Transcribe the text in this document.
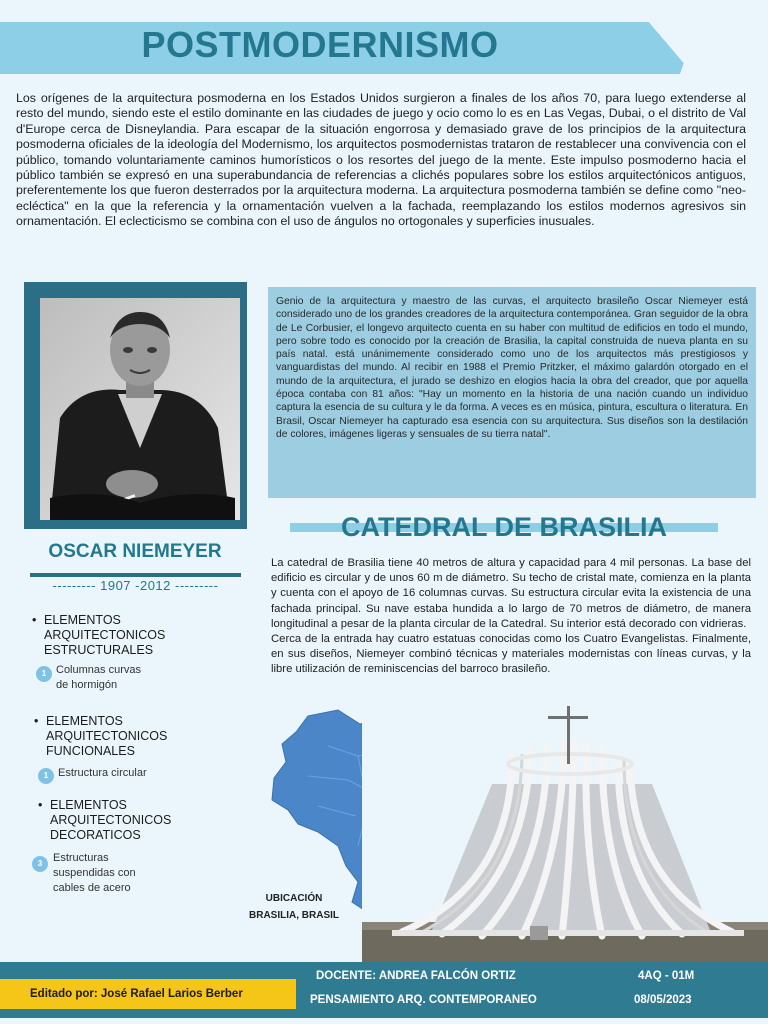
POSTMODERNISMO

Los orígenes de la arquitectura posmoderna en los Estados Unidos surgieron a finales de los años 70, para luego extenderse al resto del mundo, siendo este el estilo dominante en las ciudades de juego y ocio como lo es en Las Vegas, Dubai, o el distrito de Val d'Europe cerca de Disneylandia. Para escapar de la situación engorrosa y demasiado grave de los principios de la arquitectura posmoderna oficiales de la ideología del Modernismo, los arquitectos posmodernistas trataron de restablecer una convivencia con el público, tomando voluntariamente caminos humorísticos o los resortes del juego de la mente. Este impulso posmoderno hacia el público también se expresó en una superabundancia de referencias a clichés populares sobre los estilos arquitectónicos antiguos, preferentemente los que fueron desterrados por la arquitectura moderna. La arquitectura posmoderna también se define como "neo-ecléctica" en la que la referencia y la ornamentación vuelven a la fachada, reemplazando los estilos modernos agresivos sin ornamentación. El eclecticismo se combina con el uso de ángulos no ortogonales y superficies inusuales.

Genio de la arquitectura y maestro de las curvas, el arquitecto brasileño Oscar Niemeyer está considerado uno de los grandes creadores de la arquitectura contemporánea. Gran seguidor de la obra de Le Corbusier, el longevo arquitecto cuenta en su haber con multitud de edificios en todo el mundo, pero sobre todo es conocido por la creación de Brasilia, la capital construida de nueva planta en su país natal. está unánimemente considerado como uno de los arquitectos más prestigiosos y vanguardistas del mundo. Al recibir en 1988 el Premio Pritzker, el máximo galardón otorgado en el mundo de la arquitectura, el jurado se deshizo en elogios hacia la obra del creador, que por aquella época contaba con 81 años: "Hay un momento en la historia de una nación cuando un individuo captura la esencia de su cultura y le da forma. A veces es en música, pintura, escultura o literatura. En Brasil, Oscar Niemeyer ha capturado esa esencia con su arquitectura. Sus diseños son la destilación de colores, imágenes ligeras y sensuales de su tierra natal".

OSCAR NIEMEYER
--------- 1907 -2012 ---------
CATEDRAL DE BRASILIA

La catedral de Brasilia tiene 40 metros de altura y capacidad para 4 mil personas. La base del edificio es circular y de unos 60 m de diámetro. Su techo de cristal mate, comienza en la planta y cuenta con el apoyo de 16 columnas curvas. Su estructura circular evita la existencia de una fachada principal. Su nave estaba hundida a lo largo de 70 metros de diámetro, de manera longitudinal a pesar de la planta circular de la Catedral. Su interior está decorado con vidrieras.

Cerca de la entrada hay cuatro estatuas conocidas como los Cuatro Evangelistas. Finalmente, en sus diseños, Niemeyer combinó técnicas y materiales modernistas con líneas curvas, y la libre utilización de reminiscencias del barroco brasileño.

• ELEMENTOS
ARQUITECTONICOS
ESTRUCTURALES
1 Columnas curvas
de hormigón
• ELEMENTOS
ARQUITECTONICOS
FUNCIONALES
1 Estructura circular
• ELEMENTOS
ARQUITECTONICOS
DECORATICOS
3 Estructuras
suspendidas con
cables de acero
UBICACIÓN
BRASILIA, BRASIL
Editado por: José Rafael Larios Berber
DOCENTE: ANDREA FALCÓN ORTIZ
PENSAMIENTO ARQ. CONTEMPORANEO
4AQ - 01M
08/05/2023
